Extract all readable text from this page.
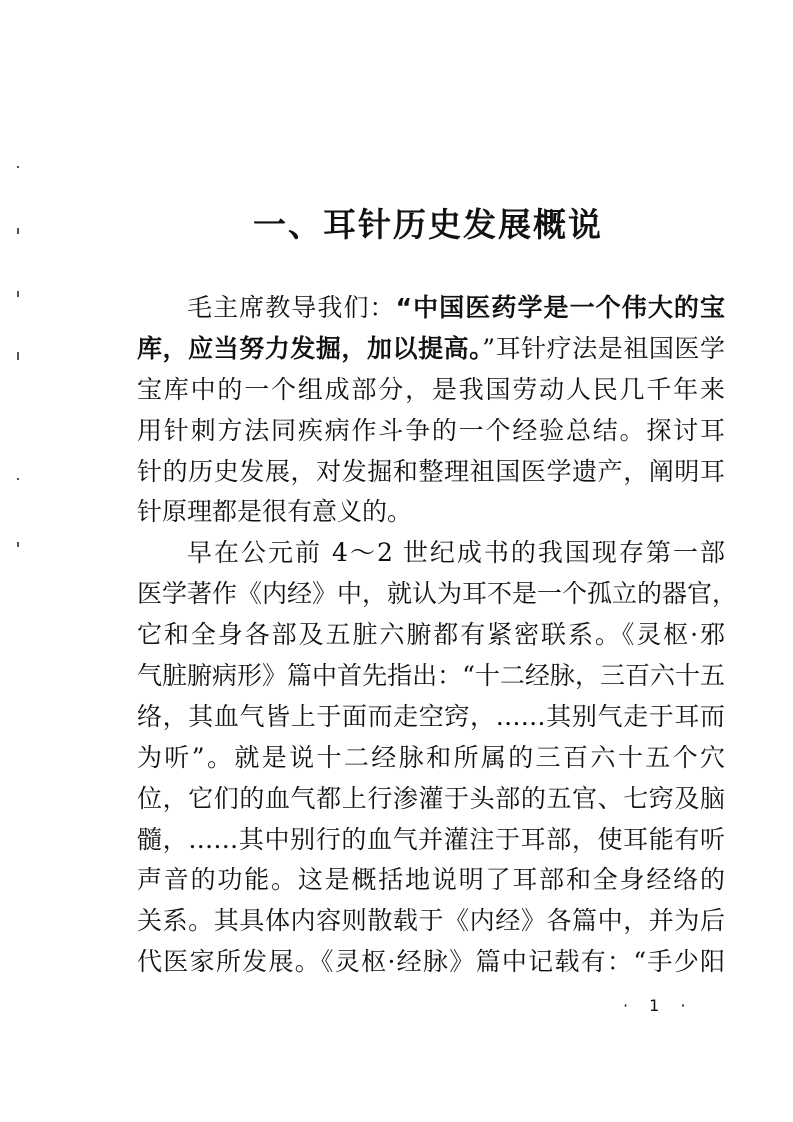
一、耳针历史发展概说
毛主席教导我们：“中国医药学是一个伟大的宝
库，应当努力发掘，加以提高。”耳针疗法是祖国医学
宝库中的一个组成部分，是我国劳动人民几千年来
用针刺方法同疾病作斗争的一个经验总结。探讨耳
针的历史发展，对发掘和整理祖国医学遗产，阐明耳
针原理都是很有意义的。
早在公元前 4～2 世纪成书的我国现存第一部
医学著作《内经》中，就认为耳不是一个孤立的器官，
它和全身各部及五脏六腑都有紧密联系。《灵枢·邪
气脏腑病形》篇中首先指出：“十二经脉，三百六十五
络，其血气皆上于面而走空窍，……其别气走于耳而
为听”。就是说十二经脉和所属的三百六十五个穴
位，它们的血气都上行渗灌于头部的五官、七窍及脑
髓，……其中别行的血气并灌注于耳部，使耳能有听
声音的功能。这是概括地说明了耳部和全身经络的
关系。其具体内容则散载于《内经》各篇中，并为后
代医家所发展。《灵枢·经脉》篇中记载有：“手少阳
· 1 ·
